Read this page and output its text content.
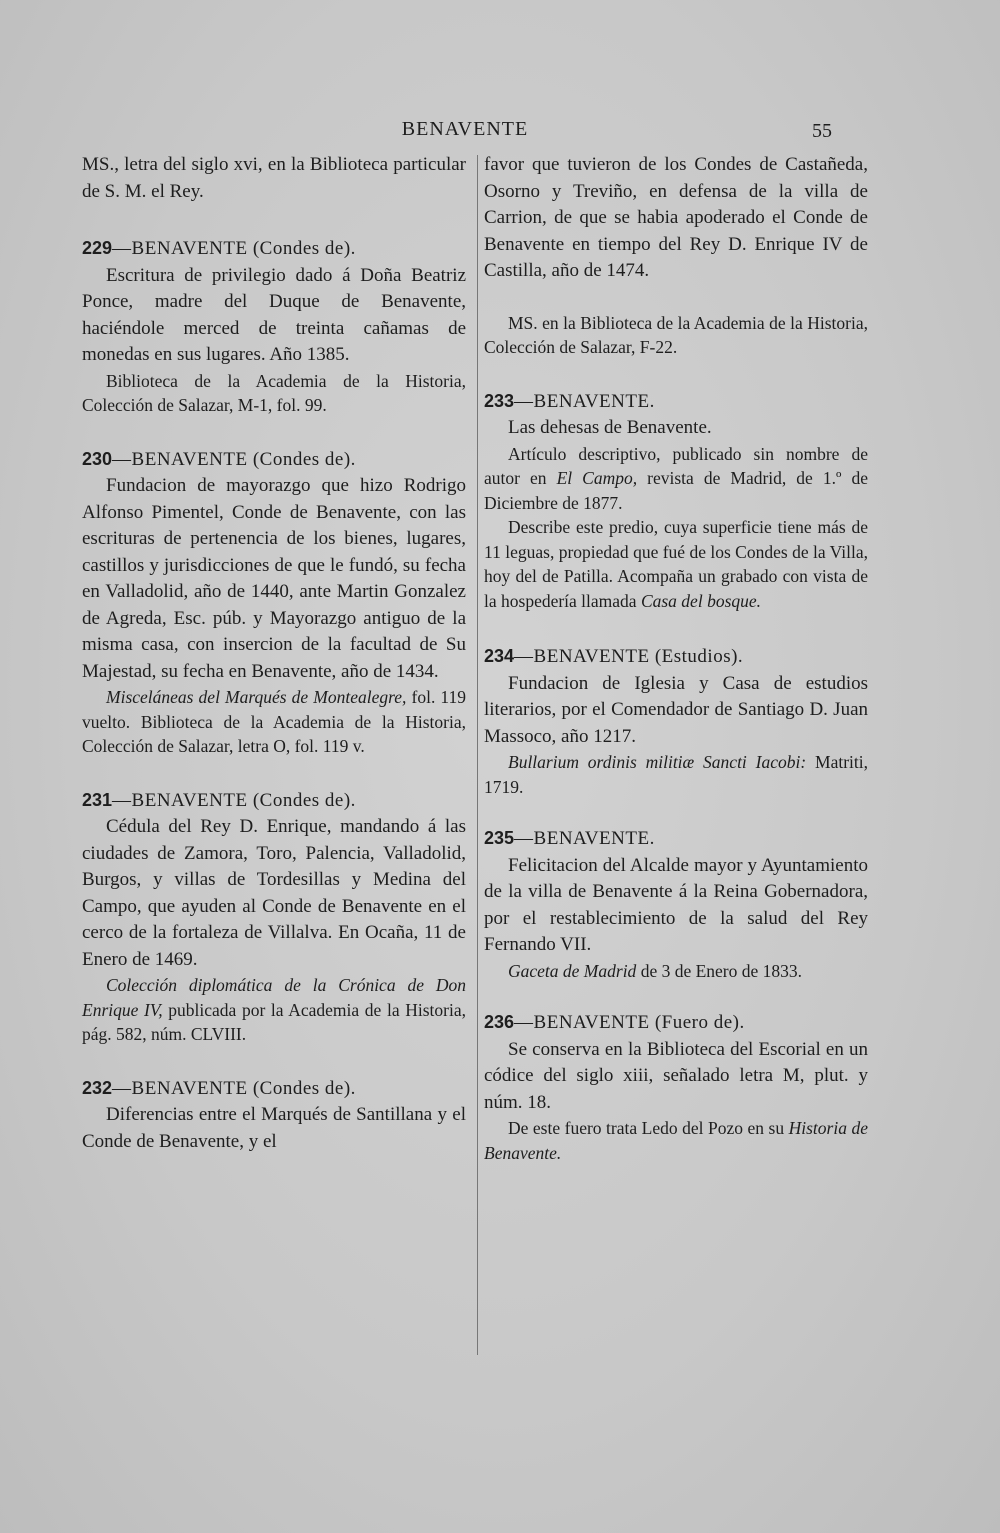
BENAVENTE	55

MS., letra del siglo xvi, en la Biblioteca particular de S. M. el Rey.

229—BENAVENTE (Condes de).

Escritura de privilegio dado á Doña Beatriz Ponce, madre del Duque de Benavente, haciéndole merced de treinta cañamas de monedas en sus lugares. Año 1385.

Biblioteca de la Academia de la Historia, Colección de Salazar, M-1, fol. 99.

230—BENAVENTE (Condes de).

Fundacion de mayorazgo que hizo Rodrigo Alfonso Pimentel, Conde de Benavente, con las escrituras de pertenencia de los bienes, lugares, castillos y jurisdicciones de que le fundó, su fecha en Valladolid, año de 1440, ante Martin Gonzalez de Agreda, Esc. púb. y Mayorazgo antiguo de la misma casa, con insercion de la facultad de Su Majestad, su fecha en Benavente, año de 1434.

Misceláneas del Marqués de Montealegre, fol. 119 vuelto. Biblioteca de la Academia de la Historia, Colección de Salazar, letra O, fol. 119 v.

231—BENAVENTE (Condes de).

Cédula del Rey D. Enrique, mandando á las ciudades de Zamora, Toro, Palencia, Valladolid, Burgos, y villas de Tordesillas y Medina del Campo, que ayuden al Conde de Benavente en el cerco de la fortaleza de Villalva. En Ocaña, 11 de Enero de 1469.

Colección diplomática de la Crónica de Don Enrique IV, publicada por la Academia de la Historia, pág. 582, núm. CLVIII.

232—BENAVENTE (Condes de).

Diferencias entre el Marqués de Santillana y el Conde de Benavente, y el

favor que tuvieron de los Condes de Castañeda, Osorno y Treviño, en defensa de la villa de Carrion, de que se habia apoderado el Conde de Benavente en tiempo del Rey D. Enrique IV de Castilla, año de 1474.

MS. en la Biblioteca de la Academia de la Historia, Colección de Salazar, F-22.

233—BENAVENTE.

Las dehesas de Benavente.

Artículo descriptivo, publicado sin nombre de autor en El Campo, revista de Madrid, de 1.º de Diciembre de 1877.

Describe este predio, cuya superficie tiene más de 11 leguas, propiedad que fué de los Condes de la Villa, hoy del de Patilla. Acompaña un grabado con vista de la hospedería llamada Casa del bosque.

234—BENAVENTE (Estudios).

Fundacion de Iglesia y Casa de estudios literarios, por el Comendador de Santiago D. Juan Massoco, año 1217.

Bullarium ordinis militiæ Sancti Iacobi: Matriti, 1719.

235—BENAVENTE.

Felicitacion del Alcalde mayor y Ayuntamiento de la villa de Benavente á la Reina Gobernadora, por el restablecimiento de la salud del Rey Fernando VII.

Gaceta de Madrid de 3 de Enero de 1833.

236—BENAVENTE (Fuero de).

Se conserva en la Biblioteca del Escorial en un códice del siglo xiii, señalado letra M, plut. y núm. 18.

De este fuero trata Ledo del Pozo en su Historia de Benavente.
